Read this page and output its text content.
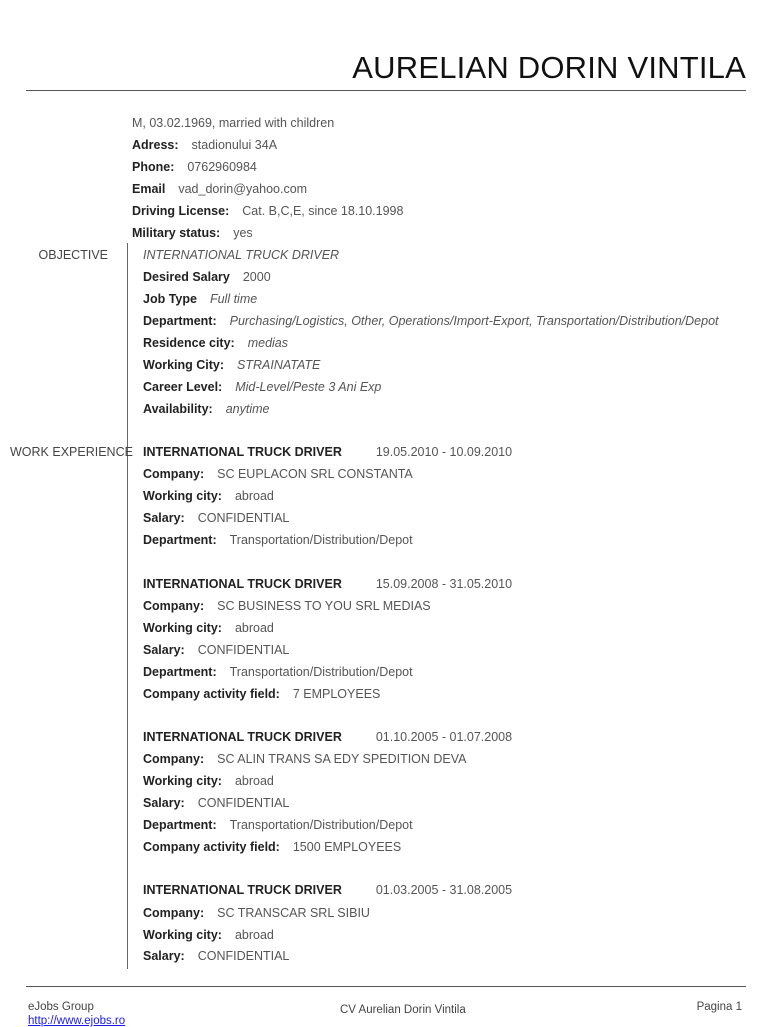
AURELIAN DORIN VINTILA
M, 03.02.1969, married with children
Adress: stadionului 34A
Phone: 0762960984
Email vad_dorin@yahoo.com
Driving License: Cat. B,C,E, since 18.10.1998
Military status: yes
OBJECTIVE	INTERNATIONAL TRUCK DRIVER
Desired Salary 2000
Job Type Full time
Department: Purchasing/Logistics, Other, Operations/Import-Export, Transportation/Distribution/Depot
Residence city: medias
Working City: STRAINATATE
Career Level: Mid-Level/Peste 3 Ani Exp
Availability: anytime
WORK EXPERIENCE INTERNATIONAL TRUCK DRIVER	19.05.2010 - 10.09.2010
Company: SC EUPLACON SRL CONSTANTA
Working city: abroad
Salary: CONFIDENTIAL
Department: Transportation/Distribution/Depot
INTERNATIONAL TRUCK DRIVER	15.09.2008 - 31.05.2010
Company: SC BUSINESS TO YOU SRL MEDIAS
Working city: abroad
Salary: CONFIDENTIAL
Department: Transportation/Distribution/Depot
Company activity field: 7 EMPLOYEES
INTERNATIONAL TRUCK DRIVER	01.10.2005 - 01.07.2008
Company: SC ALIN TRANS SA EDY SPEDITION DEVA
Working city: abroad
Salary: CONFIDENTIAL
Department: Transportation/Distribution/Depot
Company activity field: 1500 EMPLOYEES
INTERNATIONAL TRUCK DRIVER	01.03.2005 - 31.08.2005
Company: SC TRANSCAR SRL SIBIU
Working city: abroad
Salary: CONFIDENTIAL
eJobs Group
http://www.ejobs.ro
CV Aurelian Dorin Vintila	Pagina 1
